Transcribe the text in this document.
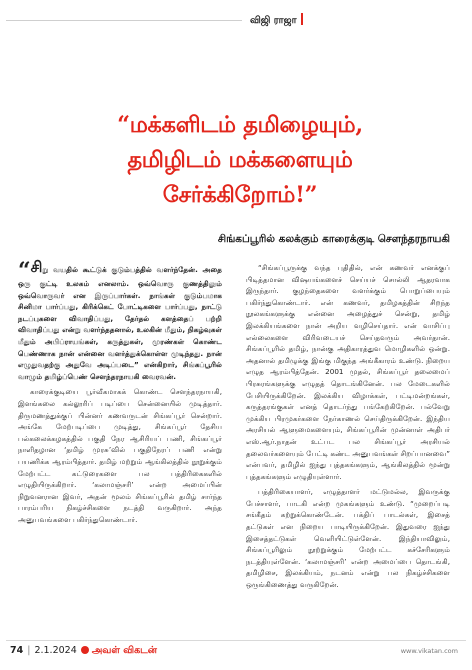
விஜி ராஜா
“மக்களிடம் தமிழையும்,
தமிழிடம் மக்களையும்
சேர்க்கிறோம்!”
சிங்கப்பூரில் கலக்கும் காரைக்குடி சௌந்தரநாயகி

“சிறு வயதில் கூட்டுக் குடும்பத்தில் வளர்ந்தேன். அதை ஒரு குட்டி உலகம் எனலாம். ஒவ்வொரு குணத்திலும் ஒவ்வொருவர் என இருப்பார்கள். நாங்கள் குடும்பமாக சினிமா பார்ப்பது, கிரிக்கெட் போட்டிகளை பார்ப்பது, நாட்டு நடப்புகளை விவாதிப்பது, தேர்தல் களத்தைப் பற்றி விவாதிப்பது என்று வளர்ந்ததனால், உலகின் மீதும், நிகழ்வுகள் மீதும் அபிப்ராயங்கள், கருத்துகள், முரண்கள் கொண்ட பெண்ணாக நான் என்னை வளர்த்துக்கொள்ள முடிந்தது. நான் எழுதுவதற்கு அதுவே அடிப்படை” என்கிறார், சிங்கப்பூரில் வாழும் தமிழ்ப்பெண் சௌந்தரநாயகி வைரவன்.

காரைக்குடியை பூர்வீகமாகக் கொண்ட சௌந்தரநாயகி, இளங்கலை கல்லூரிப் படிப்பை சென்னையில் முடித்தார். திருமணத்துக்குப் பின்னர் கணவருடன் சிங்கப்பூர் சென்றார். அங்கே மேற்படிப்பை முடித்து, சிங்கப்பூர் தேசிய பல்கலைக்கழகத்தில் பகுதி நேர ஆசிரியப் பணி, சிங்கப்பூர் நாளிதழான ‘தமிழ் முரசு’வில் பகுதிநேரப் பணி என்று பயணிக்க ஆரம்பித்தார். தமிழ் மற்றும் ஆங்கிலத்தில் நூறுக்கும் மேற்பட்ட கட்டுரைகளை பல பத்திரிகைகளில் எழுதியிருக்கிறார். ‘கலாமஞ்சரி’ என்ற அமைப்பின் நிறுவனரான இவர், அதன் மூலம் சிங்கப்பூரில் தமிழ் சார்ந்த பாரம்பரிய நிகழ்ச்சிகளை நடத்தி வருகிறார். அந்த அனுபவங்களை பகிர்ந்துகொண்டார்.

“சிங்கப்பூருக்கு வந்த புதிதில், என் கணவர் எனக்குப் பிடித்தமான விஷயங்களைச் செய்யச் சொல்லி ஆதரவாக இருந்தார். குழந்தைகளை வளர்க்கும் பொறுப்பையும் பகிர்ந்துகொண்டார். என் கணவர், தமிழகத்தின் சிறந்த நூலகங்களுக்கு என்னை அழைத்துச் சென்று, தமிழ் இலக்கியங்களை நான் அறிய வழிசெய்தார். என் வாசிப்பு எல்லைகளை விரிவடையச் செய்தவரும் அவர்தான். சிங்கப்பூரில் தமிழ், நான்கு அதிகாரத்துவ மொழிகளில் ஒன்று. அதனால் தமிழுக்கு இங்கு மிகுந்த அங்கீகாரம் உண்டு. நிறைய எழுத ஆரம்பித்தேன். 2001 முதல், சிங்கப்பூர் தலைமைப் பிரசுரங்களுக்கு எழுதத் தொடங்கினேன். பல மேடைகளில் பேசியிருக்கிறேன். இலக்கிய விழாக்கள், பட்டிமன்றங்கள், கருத்தரங்குகள் எனத் தொடர்ந்து பங்கேற்கிறேன். பல்வேறு முக்கிய பிரமுகர்களை நேர்காணல் செய்திருக்கிறேன். இந்திய அரசியல் ஆளுமைகளையும், சிங்கப்பூரின் முன்னாள் அதிபர் எஸ்.ஆர்.நாதன் உட்பட பல சிங்கப்பூர் அரசியல் தலைவர்களையும் பேட்டி கண்ட அனுபவங்கள் சிறப்பானவை” என்பவர், தமிழில் ஐந்து புத்தகங்களும், ஆங்கிலத்தில் மூன்று புத்தகங்களும் எழுதியுள்ளார்.

பத்திரிகையாளர், எழுத்தாளர் மட்டுமல்ல, இவருக்கு பேச்சாளர், பாடகி என்ற முகங்களும் உண்டு. “முறைப்படி சங்கீதம் கற்றுக்கொண்டேன். பக்திப் பாடல்கள், இசைத் தட்டுகள் என நிறைய பாடியிருக்கிறேன். இதுவரை ஐந்து இசைத்தட்டுகள் வெளியிட்டுள்ளேன். இந்தியாவிலும், சிங்கப்பூரிலும் நூற்றுக்கும் மேற்பட்ட கச்சேரிகளும் நடத்தியுள்ளேன். ‘கலாமஞ்சரி’ என்ற அமைப்பை தொடங்கி, தமிழிசை, இலக்கியம், நடனம் என்று பல நிகழ்ச்சிகளை ஒருங்கிணைத்து வருகிறேன்.

74 | 2.1.2024 அவள் விகடன்	www.vikatan.com
